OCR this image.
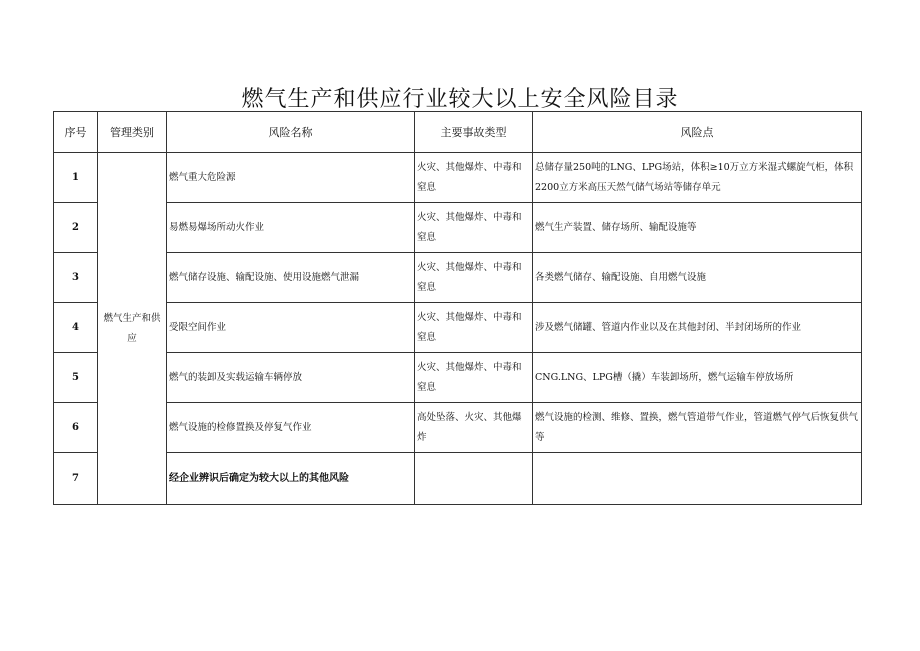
燃气生产和供应行业较大以上安全风险目录
序号	管理类别	风险名称	主要事故类型	风险点
1	燃气生产和供应	燃气重大危险源	火灾、其他爆炸、中毒和窒息	总储存量250吨的LNG、LPG场站，体积≥10万立方米湿式螺旋气柜，体积2200立方米高压天然气储气场站等储存单元
2		易燃易爆场所动火作业	火灾、其他爆炸、中毒和窒息	燃气生产装置、储存场所、输配设施等
3		燃气储存设施、输配设施、使用设施燃气泄漏	火灾、其他爆炸、中毒和窒息	各类燃气储存、输配设施、自用燃气设施
4		受限空间作业	火灾、其他爆炸、中毒和窒息	涉及燃气储罐、管道内作业以及在其他封闭、半封闭场所的作业
5		燃气的装卸及实载运输车辆停放	火灾、其他爆炸、中毒和窒息	CNG.LNG、LPG槽（撬）车装卸场所，燃气运输车停放场所
6		燃气设施的检修置换及停复气作业	高处坠落、火灾、其他爆炸	燃气设施的检测、维修、置换，燃气管道带气作业，管道燃气停气后恢复供气等
7		经企业辨识后确定为较大以上的其他风险		
